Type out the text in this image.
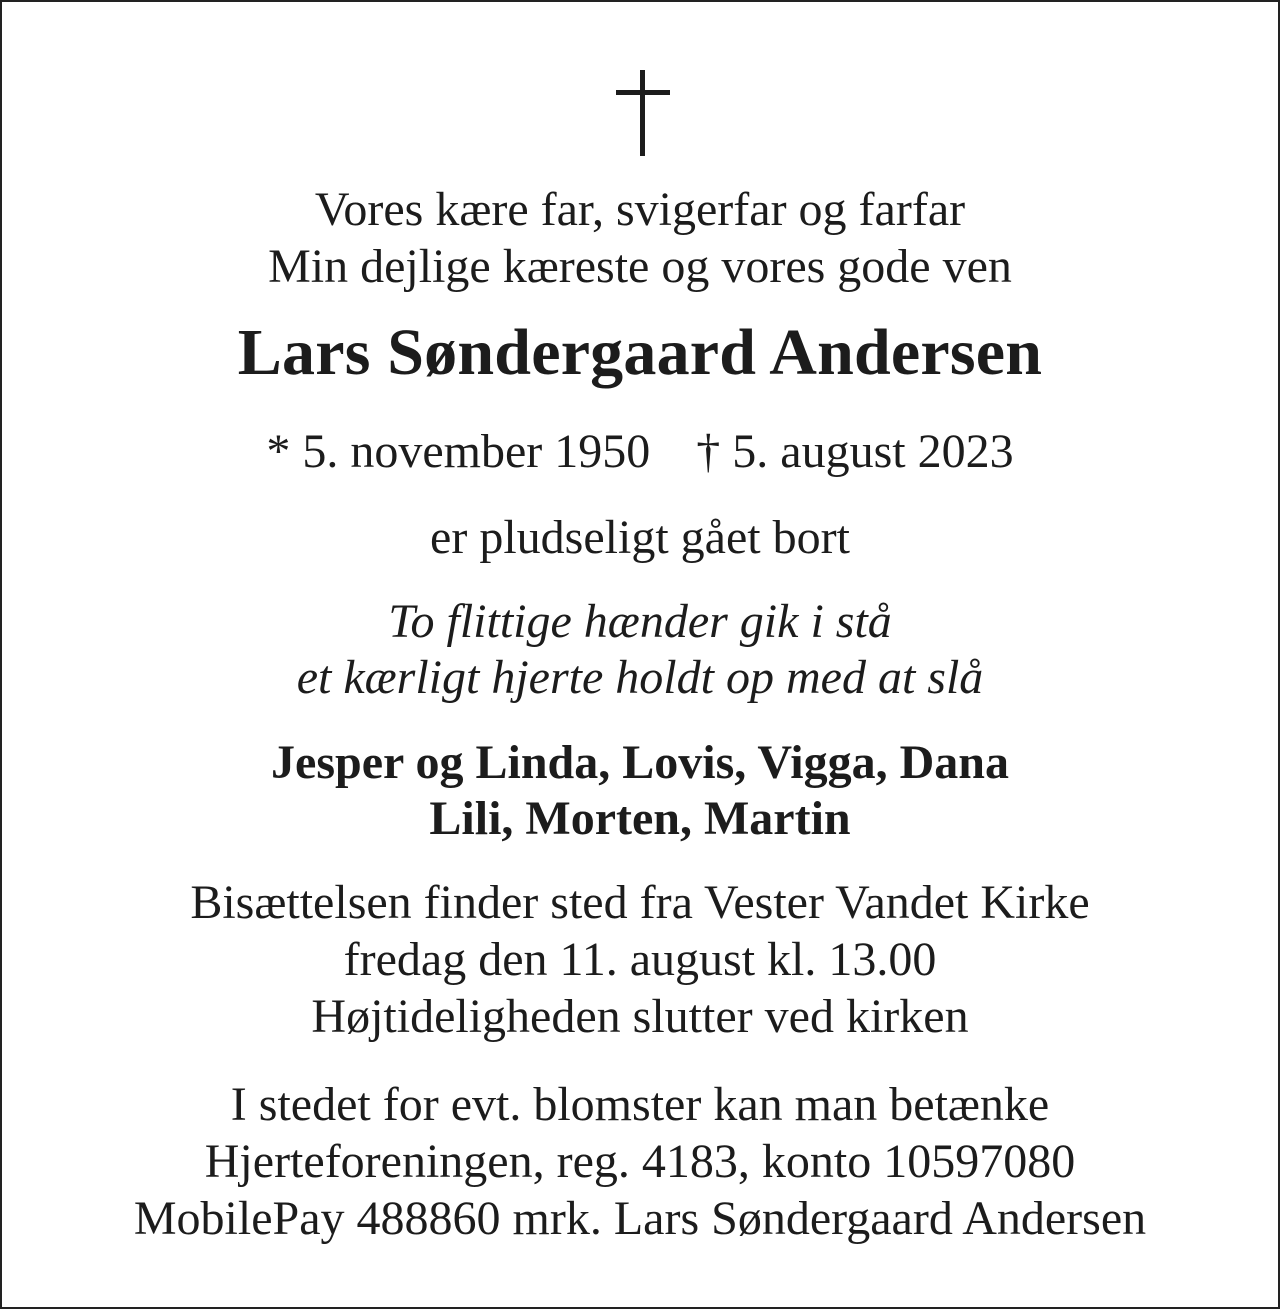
Vores kære far, svigerfar og farfar
Min dejlige kæreste og vores gode ven
Lars Søndergaard Andersen
* 5. november 1950 † 5. august 2023
er pludseligt gået bort
To flittige hænder gik i stå
et kærligt hjerte holdt op med at slå
Jesper og Linda, Lovis, Vigga, Dana
Lili, Morten, Martin
Bisættelsen finder sted fra Vester Vandet Kirke
fredag den 11. august kl. 13.00
Højtideligheden slutter ved kirken
I stedet for evt. blomster kan man betænke
Hjerteforeningen, reg. 4183, konto 10597080
MobilePay 488860 mrk. Lars Søndergaard Andersen
